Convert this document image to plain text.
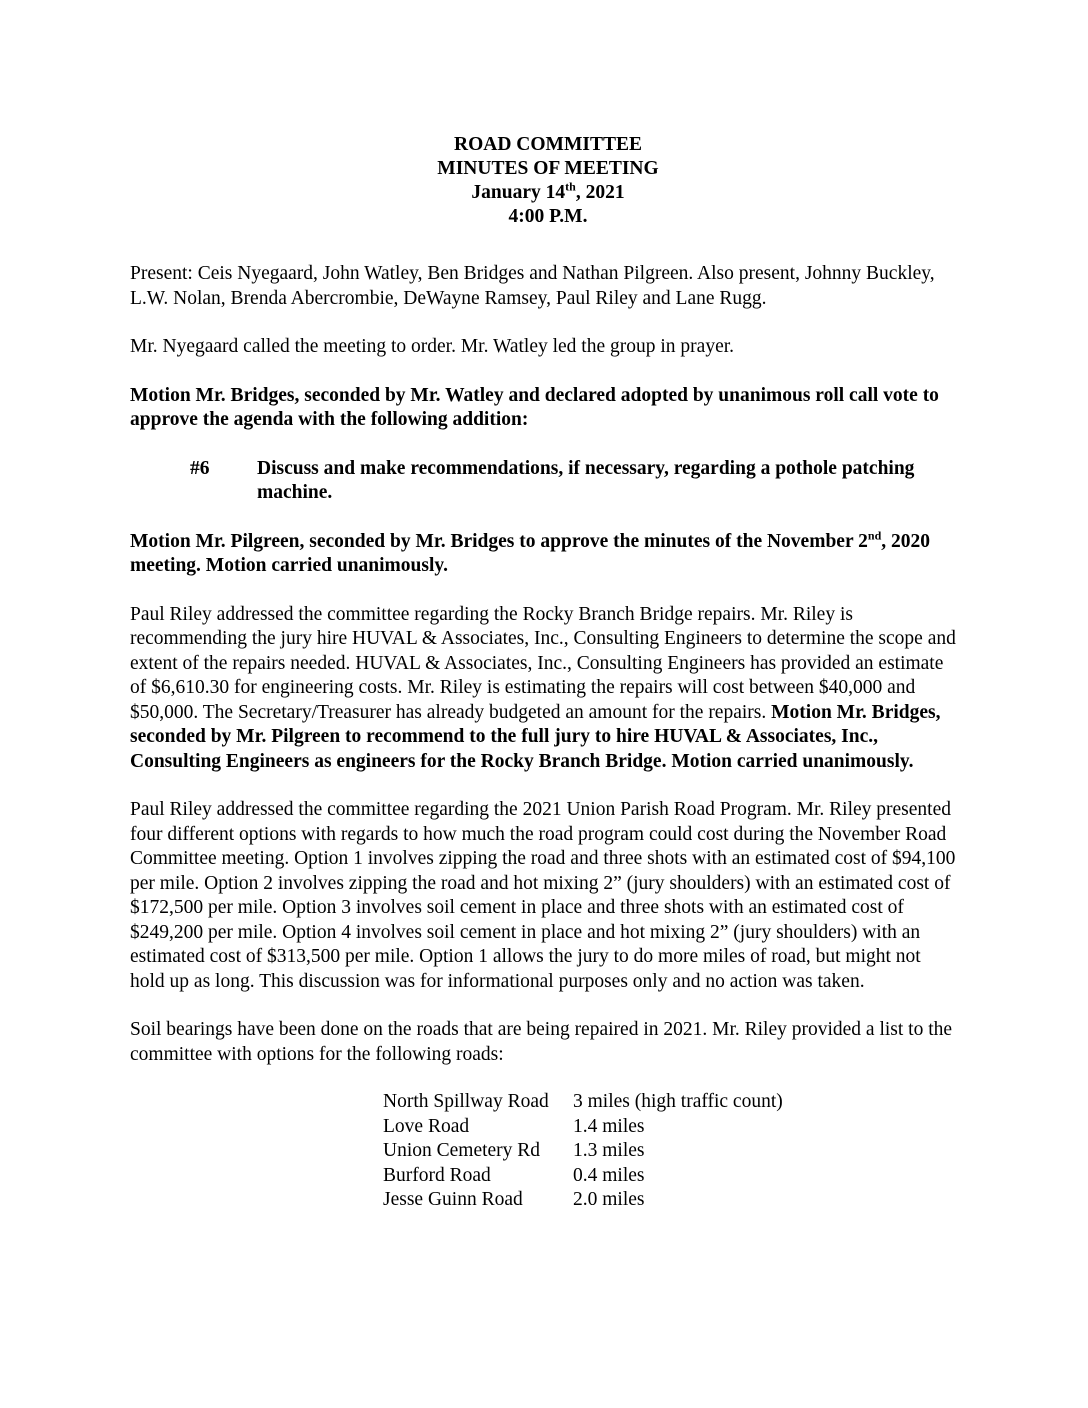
ROAD COMMITTEE
MINUTES OF MEETING
January 14th, 2021
4:00 P.M.

Present: Ceis Nyegaard, John Watley, Ben Bridges and Nathan Pilgreen. Also present, Johnny Buckley, L.W. Nolan, Brenda Abercrombie, DeWayne Ramsey, Paul Riley and Lane Rugg.

Mr. Nyegaard called the meeting to order. Mr. Watley led the group in prayer.

Motion Mr. Bridges, seconded by Mr. Watley and declared adopted by unanimous roll call vote to approve the agenda with the following addition:

#6	Discuss and make recommendations, if necessary, regarding a pothole patching machine.

Motion Mr. Pilgreen, seconded by Mr. Bridges to approve the minutes of the November 2nd, 2020 meeting. Motion carried unanimously.

Paul Riley addressed the committee regarding the Rocky Branch Bridge repairs. Mr. Riley is recommending the jury hire HUVAL & Associates, Inc., Consulting Engineers to determine the scope and extent of the repairs needed. HUVAL & Associates, Inc., Consulting Engineers has provided an estimate of $6,610.30 for engineering costs. Mr. Riley is estimating the repairs will cost between $40,000 and $50,000. The Secretary/Treasurer has already budgeted an amount for the repairs. Motion Mr. Bridges, seconded by Mr. Pilgreen to recommend to the full jury to hire HUVAL & Associates, Inc., Consulting Engineers as engineers for the Rocky Branch Bridge. Motion carried unanimously.

Paul Riley addressed the committee regarding the 2021 Union Parish Road Program. Mr. Riley presented four different options with regards to how much the road program could cost during the November Road Committee meeting. Option 1 involves zipping the road and three shots with an estimated cost of $94,100 per mile. Option 2 involves zipping the road and hot mixing 2” (jury shoulders) with an estimated cost of $172,500 per mile. Option 3 involves soil cement in place and three shots with an estimated cost of $249,200 per mile. Option 4 involves soil cement in place and hot mixing 2” (jury shoulders) with an estimated cost of $313,500 per mile. Option 1 allows the jury to do more miles of road, but might not hold up as long. This discussion was for informational purposes only and no action was taken.

Soil bearings have been done on the roads that are being repaired in 2021. Mr. Riley provided a list to the committee with options for the following roads:

North Spillway Road	3 miles (high traffic count)
Love Road	1.4 miles
Union Cemetery Rd	1.3 miles
Burford Road	0.4 miles
Jesse Guinn Road	2.0 miles
